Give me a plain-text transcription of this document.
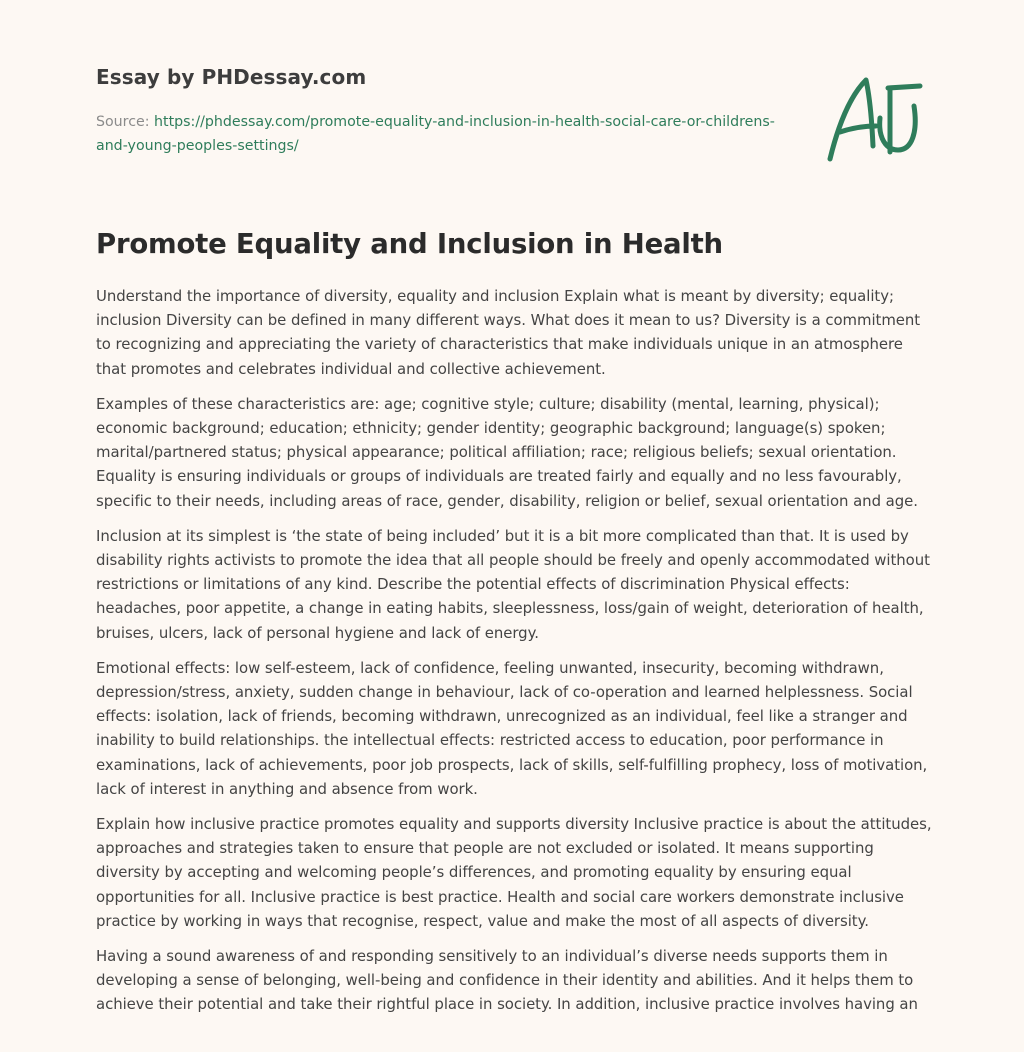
Essay by PHDessay.com
Source: https://phdessay.com/promote-equality-and-inclusion-in-health-social-care-or-childrens-and-young-peoples-settings/
Promote Equality and Inclusion in Health

Understand the importance of diversity, equality and inclusion Explain what is meant by diversity; equality; inclusion Diversity can be defined in many different ways. What does it mean to us? Diversity is a commitment to recognizing and appreciating the variety of characteristics that make individuals unique in an atmosphere that promotes and celebrates individual and collective achievement.

Examples of these characteristics are: age; cognitive style; culture; disability (mental, learning, physical); economic background; education; ethnicity; gender identity; geographic background; language(s) spoken; marital/partnered status; physical appearance; political affiliation; race; religious beliefs; sexual orientation. Equality is ensuring individuals or groups of individuals are treated fairly and equally and no less favourably, specific to their needs, including areas of race, gender, disability, religion or belief, sexual orientation and age.

Inclusion at its simplest is ‘the state of being included’ but it is a bit more complicated than that. It is used by disability rights activists to promote the idea that all people should be freely and openly accommodated without restrictions or limitations of any kind. Describe the potential effects of discrimination Physical effects: headaches, poor appetite, a change in eating habits, sleeplessness, loss/gain of weight, deterioration of health, bruises, ulcers, lack of personal hygiene and lack of energy.

Emotional effects: low self-esteem, lack of confidence, feeling unwanted, insecurity, becoming withdrawn, depression/stress, anxiety, sudden change in behaviour, lack of co-operation and learned helplessness. Social effects: isolation, lack of friends, becoming withdrawn, unrecognized as an individual, feel like a stranger and inability to build relationships. the intellectual effects: restricted access to education, poor performance in examinations, lack of achievements, poor job prospects, lack of skills, self-fulfilling prophecy, loss of motivation, lack of interest in anything and absence from work.

Explain how inclusive practice promotes equality and supports diversity Inclusive practice is about the attitudes, approaches and strategies taken to ensure that people are not excluded or isolated. It means supporting diversity by accepting and welcoming people’s differences, and promoting equality by ensuring equal opportunities for all. Inclusive practice is best practice. Health and social care workers demonstrate inclusive practice by working in ways that recognise, respect, value and make the most of all aspects of diversity.

Having a sound awareness of and responding sensitively to an individual’s diverse needs supports them in developing a sense of belonging, well-being and confidence in their identity and abilities. And it helps them to achieve their potential and take their rightful place in society. In addition, inclusive practice involves having an
